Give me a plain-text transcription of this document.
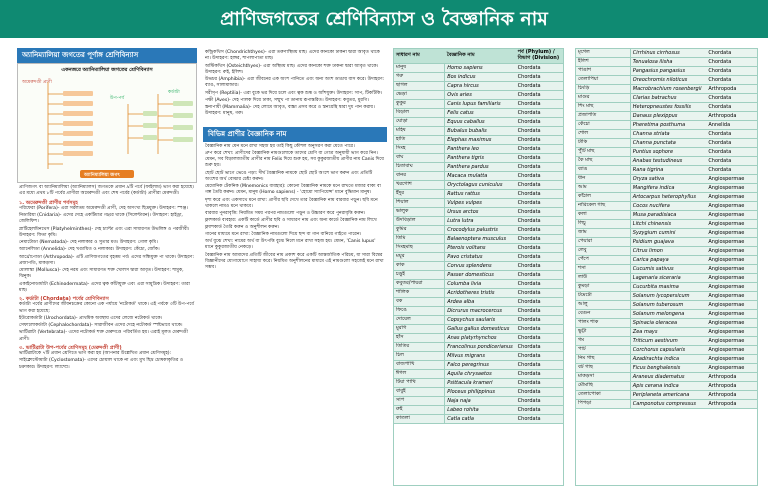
প্রাণিজগতের শ্রেণিবিন্যাস ও বৈজ্ঞানিক নাম
অ্যানিম্যালিয়া জগতের পূর্ণাঙ্গ শ্রেণিবিন্যাস
একনজরে অ্যানিম্যালিয়া জগতের শ্রেণিবিন্যাস
অ্যানিম্যালিয়া জগৎ
অমেরুদণ্ডী প্রাণী
উপ-পর্ব
কর্ডাটা

প্রাণিজগৎ বা অ্যানিম্যালিয়া (অ্যানিম্যালস) জগতকে প্রধান ৯টি পর্বে (ফাইলাম) ভাগ করা হয়েছে। এর মধ্যে প্রথম ৮টি পর্বের প্রাণীরা অমেরুদণ্ডী এবং শেষ পর্বের (কর্ডাটা) প্রাণীরা মেরুদণ্ডী।

১. অমেরুদণ্ডী প্রাণীর পর্বসমূহ

পরিফেরা (Porifera)- এরা সরলতম অমেরুদণ্ডী প্রাণী, দেহ অসংখ্য ছিদ্রযুক্ত। উদাহরণ: স্পঞ্জ।

নিডারিয়া (Cnidaria)- এদের দেহে একটিমাত্র গহ্বর থাকে (সিলেন্টারন)। উদাহরণ: হাইড্রা, জেলিফিশ।

প্লাটিহেলমিনথেস (Platyhelminthes)- দেহ চ্যাপ্টা এবং এরা সাধারণত উভলিঙ্গ ও পরজীবী। উদাহরণ: ফিতা কৃমি।

নেমাটোডা (Nematoda)- দেহ নলাকার ও সুতার মত। উদাহরণ: গোল কৃমি।

অ্যানেলিডা (Annelida)- দেহ খণ্ডায়িত ও নলাকার। উদাহরণ: কেঁচো, জোঁক।

আর্থ্রোপোডা (Arthropoda)- এটি প্রাণিজগতের বৃহত্তম পর্ব। এদের সন্ধিযুক্ত পা থাকে। উদাহরণ: প্রজাপতি, মাকড়সা।

মোলাস্কা (Mollusca)- দেহ নরম এবং সাধারণত শক্ত খোলস দ্বারা আবৃত। উদাহরণ: শামুক, ঝিনুক।

একাইনোডার্মাটা (Echinodermata)- এদের ত্বক কাঁটাযুক্ত এবং এরা সামুদ্রিক। উদাহরণ: তারা মাছ।

২. কর্ডাটা (Chordata) পর্বের শ্রেণিবিন্যাস

কর্ডাটা পর্বের প্রাণীদের জীবনচক্রের কোনো এক পর্যায়ে 'নটোকর্ড' থাকে। এই পর্বকে ৩টি উপ-পর্বে ভাগ করা হয়েছে:

ইউরোকর্ডাটা (Urochordata)- প্রাথমিক অবস্থায় এদের লেজে নটোকর্ড থাকে।

সেফালোকর্ডাটা (Cephalochordata)- সারাজীবন এদের দেহে নটোকর্ড স্পষ্টভাবে থাকে।

ভার্টিব্রাটা (Vertebrata)- এদের নটোকর্ড শক্ত মেরুদণ্ডে পরিবর্তিত হয়। এরাই মূলত মেরুদণ্ডী প্রাণী।

৩. ভার্টিব্রাটা উপ-পর্বের শ্রেণিসমূহ (মেরুদণ্ডী প্রাণী)

ভার্টিব্রাটাকে ৭টি প্রধান শ্রেণিতে ভাগ করা হয় (আপনার উল্লেখিত প্রধান শ্রেণিসমূহ):

সাইক্লোস্টোমাটা (Cyclostomata)- এদের চোয়াল থাকে না এবং মুখ ছিদ্র চোষকাকৃতির ও চক্রাকার। উদাহরণ: ল্যাম্প্রে।

কন্ড্রিকথিস (Chondrichthyes)- এরা তরুণাস্থিময় মাছ। এদের কানকো ঢাকনা দ্বারা আবৃত থাকে না। উদাহরণ: হাঙ্গর, শাপলাপাতা মাছ।

অস্টিকথিস (Osteichthyes)- এরা অস্থিময় মাছ। এদের কানকো শক্ত ঢাকনা দ্বারা আবৃত থাকে। উদাহরণ: রুই, ইলিশ।

উভচর (Amphibia)- এরা জীবনের এক অংশ পানিতে এবং অন্য অংশ ডাঙায় বাস করে। উদাহরণ: ব্যাঙ, সালামান্ডার।

সরীসৃপ (Reptilia)- এরা বুকে ভর দিয়ে চলে এবং ত্বক শুষ্ক ও আঁশযুক্ত। উদাহরণ: সাপ, টিকটিকি।

পক্ষী (Aves)- দেহ পালক দিয়ে ঢাকা, সম্মুখ পা ডানায় রূপান্তরিত। উদাহরণ: কবুতর, মুরগি।

স্তন্যপায়ী (Mammalia)- দেহ লোমে আবৃত, বাচ্চা প্রসব করে ও স্তন্যগ্রন্থি দ্বারা দুধ পান করায়। উদাহরণ: মানুষ, গরু।

বিভিন্ন প্রাণীর বৈজ্ঞানিক নাম

বৈজ্ঞানিক নাম যেন মনে রাখা সহজ হয় তাই কিছু কৌশল অনুসরণ করা যেতে পারে।

গ্রুপ করে শেখা: প্রাণীদের বৈজ্ঞানিক নামগুলোকে তাদের শ্রেণি বা গোত্র অনুযায়ী ভাগ করে নিন। যেমন, সব বিড়ালজাতীয় প্রাণীর নাম Felis দিয়ে শুরু হয়, সব কুকুরজাতীয় প্রাণীর নাম Canis দিয়ে শুরু হয়।

ছোট ছোট ভাগে ভেঙে পড়া: দীর্ঘ বৈজ্ঞানিক নামকে ছোট ছোট অংশে ভাগ করুন এবং প্রতিটি অংশের অর্থ বোঝার চেষ্টা করুন।

মেমোনিক টেকনিক (Mnemonics ব্যবহার): কোনো বৈজ্ঞানিক নামকে মনে রাখতে মজার বাক্য বা গল্প তৈরি করুন। যেমন, মানুষ (Homo sapiens) - 'হোমো স্যাপিয়েন্স' মানে বুদ্ধিমান মানুষ।

দৃশ্য করে এবং একসাথে মনে রাখা: প্রাণীর ছবি দেখে তার বৈজ্ঞানিক নাম বারবার পড়ুন। ছবি মনে থাকলে নামও মনে থাকবে।

বারবার পুনরাবৃত্তি: নিয়মিত সময় পরপর নামগুলো পড়ুন ও উচ্চারণ করে পুনরাবৃত্তি করুন।

ফ্লাশকার্ড ব্যবহার: একটি কার্ডে প্রাণীর ছবি ও সাধারণ নাম এবং অন্য কার্ডে বৈজ্ঞানিক নাম লিখে ফ্ল্যাশকার্ড তৈরি করুন ও অনুশীলন করুন।

গানের মাধ্যমে মনে রাখা: বৈজ্ঞানিক নামগুলো দিয়ে ছন্দ বা গান বানিয়ে গাইতে পারেন।

অর্থ বুঝে শেখা: নামের অর্থ বা উৎপত্তি বুঝে নিলে মনে রাখা সহজ হয়। যেমন, 'Canis lupus' মানে কুকুরজাতীয় নেকড়ে।

বৈজ্ঞানিক নাম আমাদের প্রতিটি জীবের নাম প্রকাশ করে একটি আন্তর্জাতিক পরিচয়, যা সারা বিশ্বের বিজ্ঞানীদের যোগাযোগে সাহায্য করে। নিয়মিত অনুশীলনের মাধ্যমে এই নামগুলো সহজেই মনে রাখা সম্ভব।

সাধারণ নাম	বৈজ্ঞানিক নাম	পর্ব (Phylum) / বিভাগ (Division)
মানুষ	Homo sapiens	Chordata
গরু	Bos indicus	Chordata
ছাগল	Capra hircus	Chordata
ভেড়া	Ovis aries	Chordata
কুকুর	Canis lupus familiaris	Chordata
বিড়াল	Felis catus	Chordata
ঘোড়া	Equus caballus	Chordata
মহিষ	Bubalus bubalis	Chordata
হাতি	Elephas maximus	Chordata
সিংহ	Panthera leo	Chordata
বাঘ	Panthera tigris	Chordata
চিতাবাঘ	Panthera pardus	Chordata
বানর	Macaca mulatta	Chordata
খরগোশ	Oryctolagus cuniculus	Chordata
ইঁদুর	Rattus rattus	Chordata
শিয়াল	Vulpes vulpes	Chordata
ভালুক	Ursus arctos	Chordata
উদবিড়াল	Lutra lutra	Chordata
কুমির	Crocodylus palustris	Chordata
তিমি	Balaenoptera musculus	Chordata
সিংহমাছ	Pterois volitans	Chordata
ময়ূর	Pavo cristatus	Chordata
কাক	Corvus splendens	Chordata
চড়ুই	Passer domesticus	Chordata
কবুতর/পায়রা	Columba livia	Chordata
শালিক	Acridotheres tristis	Chordata
বক	Ardea alba	Chordata
ফিঙে	Dicrurus macrocercus	Chordata
দোয়েল	Copsychus saularis	Chordata
মুরগি	Gallus gallus domesticus	Chordata
হাঁস	Anas platyrhynchos	Chordata
তিতির	Francolinus pondicerianus	Chordata
চিল	Milvus migrans	Chordata
বাজপাখি	Falco peregrinus	Chordata
ঈগল	Aquila chrysaetos	Chordata
টিয়া পাখি	Psittacula krameri	Chordata
বাবুই	Ploceus philippinus	Chordata
সাপ	Naja naja	Chordata
রুই	Labeo rohita	Chordata
কাতলা	Catla catla	Chordata
মৃগেল	Cirrhinus cirrhosus	Chordata
ইলিশ	Tenualosa ilisha	Chordata
পাঙাশ	Pangasius pangasius	Chordata
তেলাপিয়া	Oreochromis niloticus	Chordata
চিংড়ি	Macrobrachium rosenbergii	Arthropoda
মাগুর	Clarias batrachus	Chordata
শিং মাছ	Heteropneustes fossilis	Chordata
প্রজাপতি	Danaus plexippus	Arthropoda
কেঁচো	Pheretima posthuma	Annelida
শোল	Channa striata	Chordata
টাকি	Channa punctata	Chordata
পুঁটি মাছ	Puntius sophore	Chordata
কৈ মাছ	Anabas testudineus	Chordata
ব্যাঙ	Rana tigrina	Chordata
ধান	Oryza sativa	Angiospermae
আম	Mangifera indica	Angiospermae
কাঁঠাল	Artocarpus heterophyllus	Angiospermae
নারিকেল গাছ	Cocos nucifera	Angiospermae
কলা	Musa paradisiaca	Angiospermae
লিচু	Litchi chinensis	Angiospermae
জাম	Syzygium cumini	Angiospermae
পেয়ারা	Psidium guajava	Angiospermae
লেবু	Citrus limon	Angiospermae
পেঁপে	Carica papaya	Angiospermae
শসা	Cucumis sativus	Angiospermae
লাউ	Lagenaria siceraria	Angiospermae
কুমড়া	Cucurbita maxima	Angiospermae
টমেটো	Solanum lycopersicum	Angiospermae
আলু	Solanum tuberosum	Angiospermae
বেগুন	Solanum melongena	Angiospermae
পালং শাক	Spinacia oleracea	Angiospermae
ভুট্টা	Zea mays	Angiospermae
গম	Triticum aestivum	Angiospermae
পাট	Corchorus capsularis	Angiospermae
নিম গাছ	Azadirachta indica	Angiospermae
বট গাছ	Ficus benghalensis	Angiospermae
মাকড়সা	Araneus diadematus	Arthropoda
মৌমাছি	Apis cerana indica	Arthropoda
তেলাপোকা	Periplaneta americana	Arthropoda
পিঁপড়া	Camponotus compressus	Arthropoda
